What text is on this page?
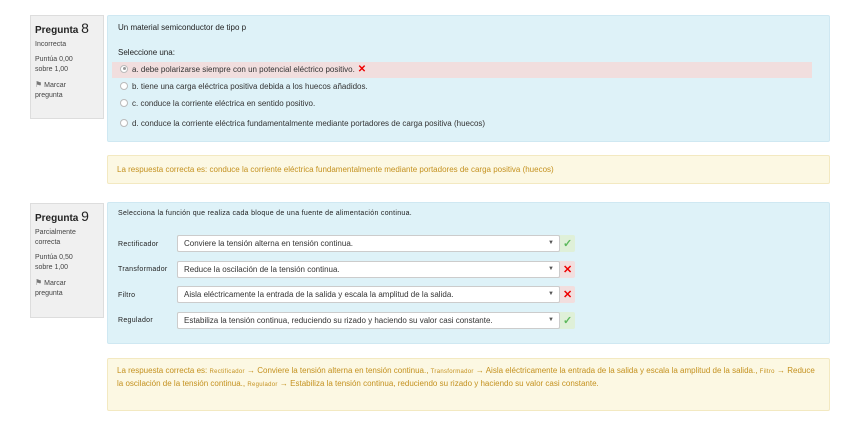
Pregunta 8
Incorrecta
Puntúa 0,00
sobre 1,00
⚑ Marcar
pregunta
Un material semiconductor de tipo p
Seleccione una:
a. debe polarizarse siempre con un potencial eléctrico positivo. ✕
b. tiene una carga eléctrica positiva debida a los huecos añadidos.
c. conduce la corriente eléctrica en sentido positivo.
d. conduce la corriente eléctrica fundamentalmente mediante portadores de carga positiva (huecos)
La respuesta correcta es: conduce la corriente eléctrica fundamentalmente mediante portadores de carga positiva (huecos)
Pregunta 9
Parcialmente
correcta
Puntúa 0,50
sobre 1,00
⚑ Marcar
pregunta
Selecciona la función que realiza cada bloque de una fuente de alimentación continua.
Rectificador	Conviere la tensión alterna en tensión continua.	▼ ✓
Transformador	Reduce la oscilación de la tensión continua.	▼ ✕
Filtro	Aisla eléctricamente la entrada de la salida y escala la amplitud de la salida.	▼ ✕
Regulador	Estabiliza la tensión continua, reduciendo su rizado y haciendo su valor casi constante.	▼ ✓
La respuesta correcta es: Rectificador → Conviere la tensión alterna en tensión continua., Transformador → Aisla eléctricamente la entrada de la salida y escala la amplitud de la salida., Filtro → Reduce la oscilación de la tensión continua., Regulador → Estabiliza la tensión continua, reduciendo su rizado y haciendo su valor casi constante.
